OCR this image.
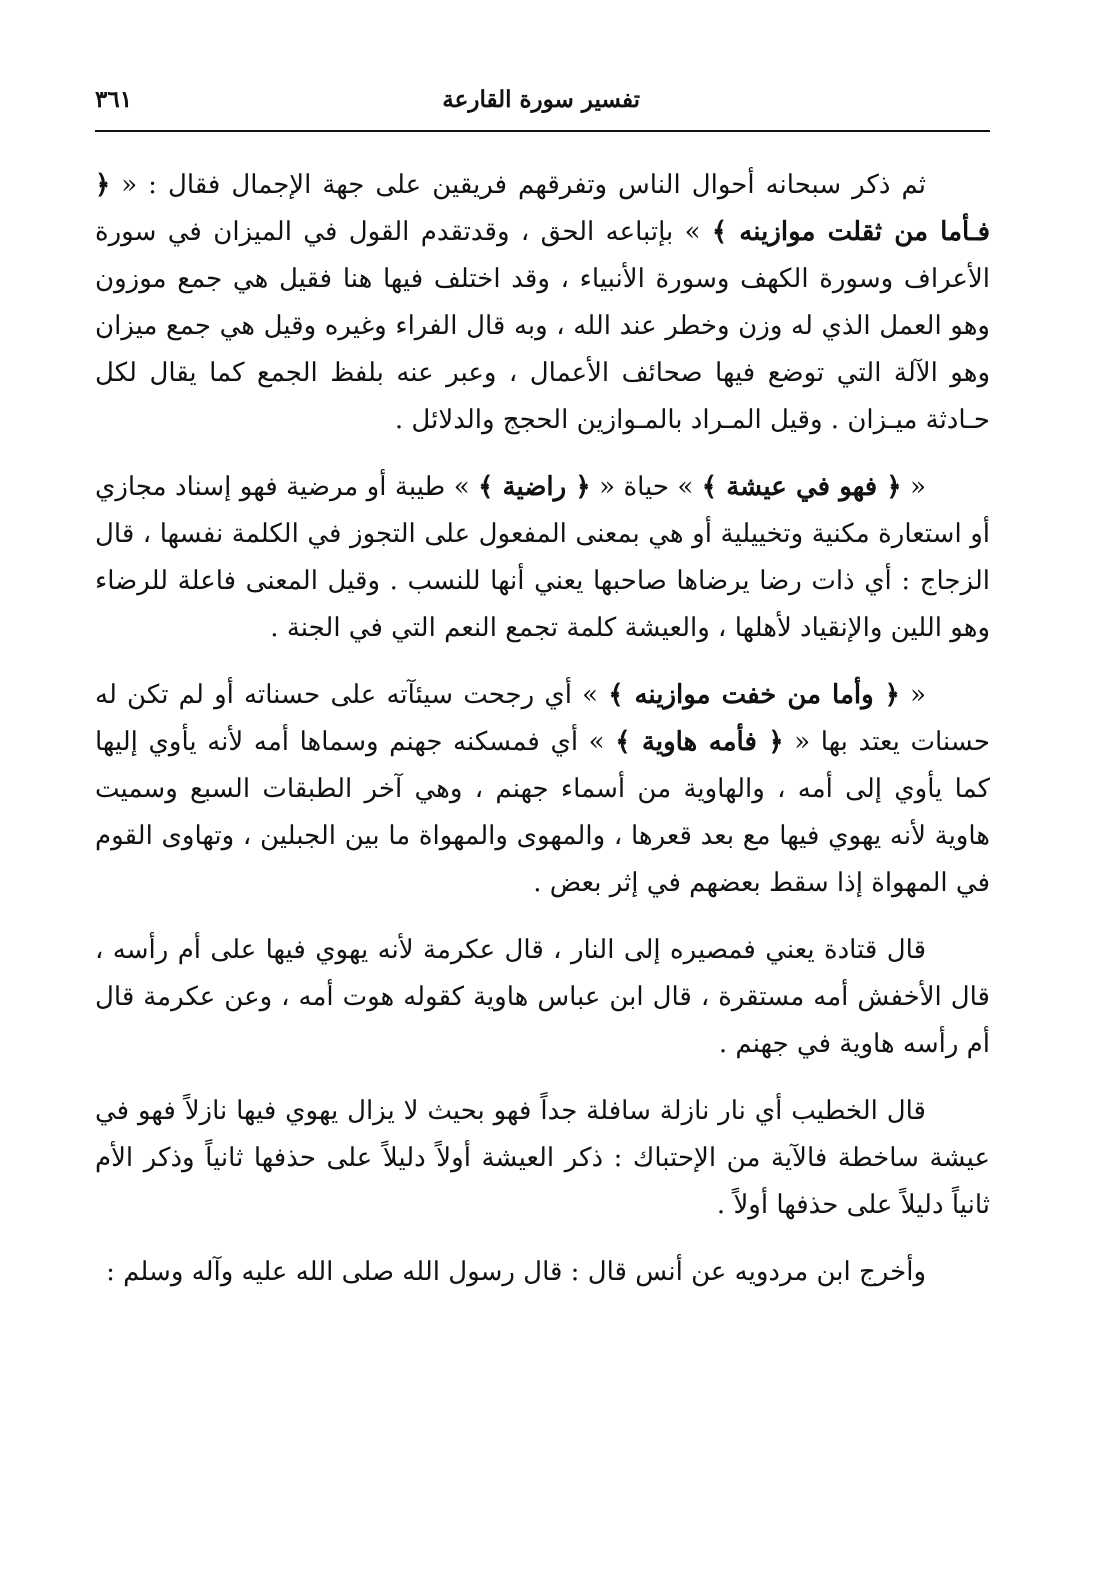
تفسير سورة القارعة
٣٦١

ثم ذكر سبحانه أحوال الناس وتفرقهم فريقين على جهة الإجمال فقال : « ﴿ فـأما من ثقلت موازينه ﴾ » بإتباعه الحق ، وقدتقدم القول في الميزان في سورة الأعراف وسورة الكهف وسورة الأنبياء ، وقد اختلف فيها هنا فقيل هي جمع موزون وهو العمل الذي له وزن وخطر عند الله ، وبه قال الفراء وغيره وقيل هي جمع ميزان وهو الآلة التي توضع فيها صحائف الأعمال ، وعبر عنه بلفظ الجمع كما يقال لكل حـادثة ميـزان . وقيل المـراد بالمـوازين الحجج والدلائل .

« ﴿ فهو في عيشة ﴾ » حياة « ﴿ راضية ﴾ » طيبة أو مرضية فهو إسناد مجازي أو استعارة مكنية وتخييلية أو هي بمعنى المفعول على التجوز في الكلمة نفسها ، قال الزجاج : أي ذات رضا يرضاها صاحبها يعني أنها للنسب . وقيل المعنى فاعلة للرضاء وهو اللين والإنقياد لأهلها ، والعيشة كلمة تجمع النعم التي في الجنة .

« ﴿ وأما من خفت موازينه ﴾ » أي رجحت سيئآته على حسناته أو لم تكن له حسنات يعتد بها « ﴿ فأمه هاوية ﴾ » أي فمسكنه جهنم وسماها أمه لأنه يأوي إليها كما يأوي إلى أمه ، والهاوية من أسماء جهنم ، وهي آخر الطبقات السبع وسميت هاوية لأنه يهوي فيها مع بعد قعرها ، والمهوى والمهواة ما بين الجبلين ، وتهاوى القوم في المهواة إذا سقط بعضهم في إثر بعض .

قال قتادة يعني فمصيره إلى النار ، قال عكرمة لأنه يهوي فيها على أم رأسه ، قال الأخفش أمه مستقرة ، قال ابن عباس هاوية كقوله هوت أمه ، وعن عكرمة قال أم رأسه هاوية في جهنم .

قال الخطيب أي نار نازلة سافلة جداً فهو بحيث لا يزال يهوي فيها نازلاً فهو في عيشة ساخطة فالآية من الإحتباك : ذكر العيشة أولاً دليلاً على حذفها ثانياً وذكر الأم ثانياً دليلاً على حذفها أولاً .

وأخرج ابن مردويه عن أنس قال : قال رسول الله صلى الله عليه وآله وسلم :
